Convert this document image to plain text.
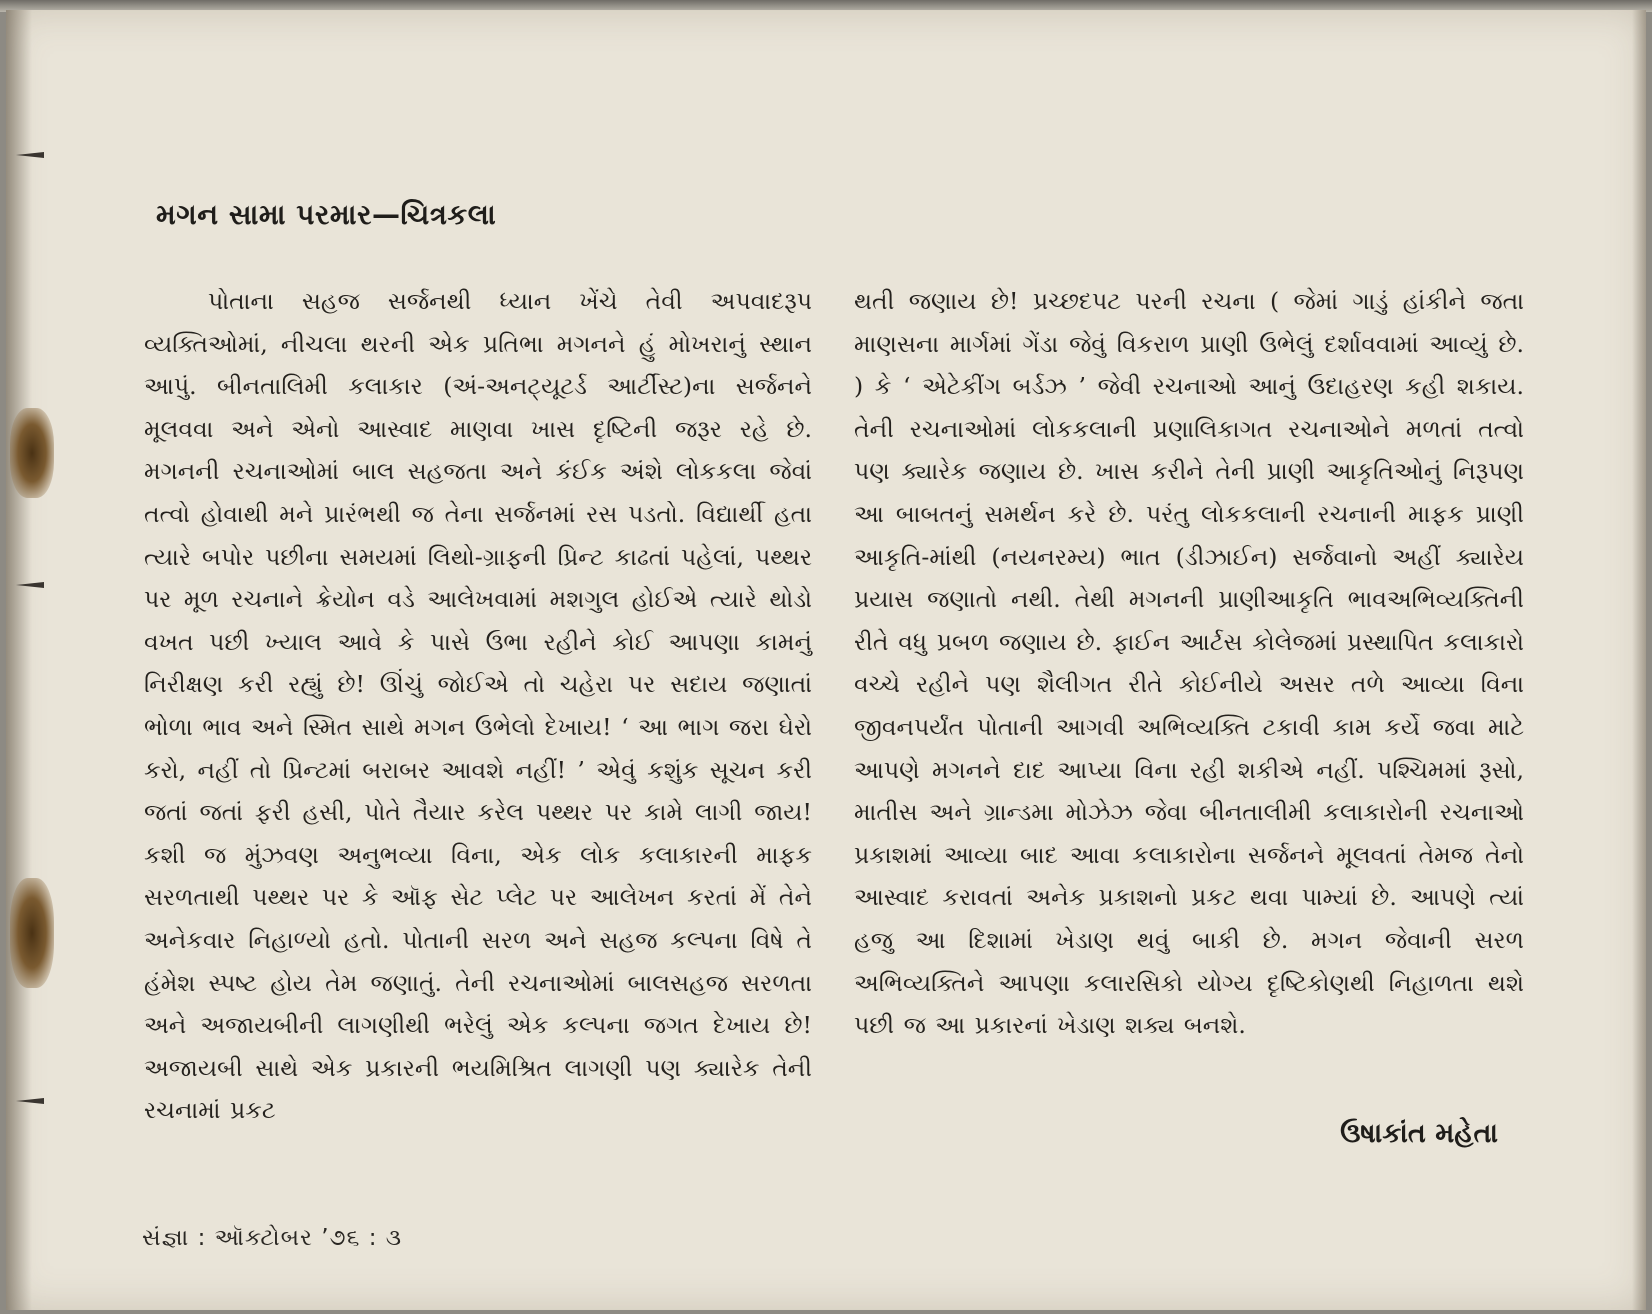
મગન સામા પરમાર—ચિત્રકલા

પોતાના સહજ સર્જનથી ધ્યાન ખેંચે તેવી અપવાદરૂપ વ્યક્તિઓમાં, નીચલા થરની એક પ્રતિભા મગનને હું મોખરાનું સ્થાન આપું. બીનતાલિમી કલાકાર (અં-અનટ્યૂટર્ડ આર્ટીસ્ટ)ના સર્જનને મૂલવવા અને એનો આસ્વાદ માણવા ખાસ દૃષ્ટિની જરૂર રહે છે. મગનની રચનાઓમાં બાલ સહજતા અને કંઈક અંશે લોકકલા જેવાં તત્વો હોવાથી મને પ્રારંભથી જ તેના સર્જનમાં રસ પડતો. વિદ્યાર્થી હતા ત્યારે બપોર પછીના સમયમાં લિથો-ગ્રાફની પ્રિન્ટ કાઢતાં પહેલાં, પથ્થર પર મૂળ રચનાને ક્રેયોન વડે આલેખવામાં મશગુલ હોઈએ ત્યારે થોડો વખત પછી ખ્યાલ આવે કે પાસે ઉભા રહીને કોઈ આપણા કામનું નિરીક્ષણ કરી રહ્યું છે! ઊંચું જોઈએ તો ચહેરા પર સદાય જણાતાં ભોળા ભાવ અને સ્મિત સાથે મગન ઉભેલો દેખાય! ‘ આ ભાગ જરા ઘેરો કરો, નહીં તો પ્રિન્ટમાં બરાબર આવશે નહીં! ’ એવું કશુંક સૂચન કરી જતાં જતાં ફરી હસી, પોતે તૈયાર કરેલ પથ્થર પર કામે લાગી જાય! કશી જ મુંઝવણ અનુભવ્યા વિના, એક લોક કલાકારની માફક સરળતાથી પથ્થર પર કે ઑફ સેટ પ્લેટ પર આલેખન કરતાં મેં તેને અનેકવાર નિહાળ્યો હતો. પોતાની સરળ અને સહજ કલ્પના વિષે તે હંમેશ સ્પષ્ટ હોય તેમ જણાતું. તેની રચનાઓમાં બાલસહજ સરળતા અને અજાયબીની લાગણીથી ભરેલું એક કલ્પના જગત દેખાય છે! અજાયબી સાથે એક પ્રકારની ભયમિશ્રિત લાગણી પણ ક્યારેક તેની રચનામાં પ્રકટ

થતી જણાય છે! પ્રચ્છદપટ પરની રચના ( જેમાં ગાડું હાંકીને જતા માણસના માર્ગમાં ગેંડા જેવું વિકરાળ પ્રાણી ઉભેલું દર્શાવવામાં આવ્યું છે. ) કે ‘ એટેકીંગ બર્ડઝ ’ જેવી રચનાઓ આનું ઉદાહરણ કહી શકાય. તેની રચનાઓમાં લોકકલાની પ્રણાલિકાગત રચનાઓને મળતાં તત્વો પણ ક્યારેક જણાય છે. ખાસ કરીને તેની પ્રાણી આકૃતિઓનું નિરૂપણ આ બાબતનું સમર્થન કરે છે. પરંતુ લોકકલાની રચનાની માફક પ્રાણી આકૃતિ-માંથી (નયનરમ્ય) ભાત (ડીઝાઈન) સર્જવાનો અહીં ક્યારેય પ્રયાસ જણાતો નથી. તેથી મગનની પ્રાણીઆકૃતિ ભાવઅભિવ્યક્તિની રીતે વધુ પ્રબળ જણાય છે. ફાઈન આર્ટસ કોલેજમાં પ્રસ્થાપિત કલાકારો વચ્ચે રહીને પણ શૈલીગત રીતે કોઈનીયે અસર તળે આવ્યા વિના જીવનપર્યંત પોતાની આગવી અભિવ્યક્તિ ટકાવી કામ કર્યે જવા માટે આપણે મગનને દાદ આપ્યા વિના રહી શકીએ નહીં. પશ્ચિમમાં રૂસો, માતીસ અને ગ્રાન્ડમા મોઝેઝ જેવા બીનતાલીમી કલાકારોની રચનાઓ પ્રકાશમાં આવ્યા બાદ આવા કલાકારોના સર્જનને મૂલવતાં તેમજ તેનો આસ્વાદ કરાવતાં અનેક પ્રકાશનો પ્રકટ થવા પામ્યાં છે. આપણે ત્યાં હજુ આ દિશામાં ખેડાણ થવું બાકી છે. મગન જેવાની સરળ અભિવ્યક્તિને આપણા કલારસિકો યોગ્ય દૃષ્ટિકોણથી નિહાળતા થશે પછી જ આ પ્રકારનાં ખેડાણ શક્ય બનશે.

ઉષાકાંત મહેતા
સંજ્ઞા : ઑક્ટોબર ’૭૬ : ૩
